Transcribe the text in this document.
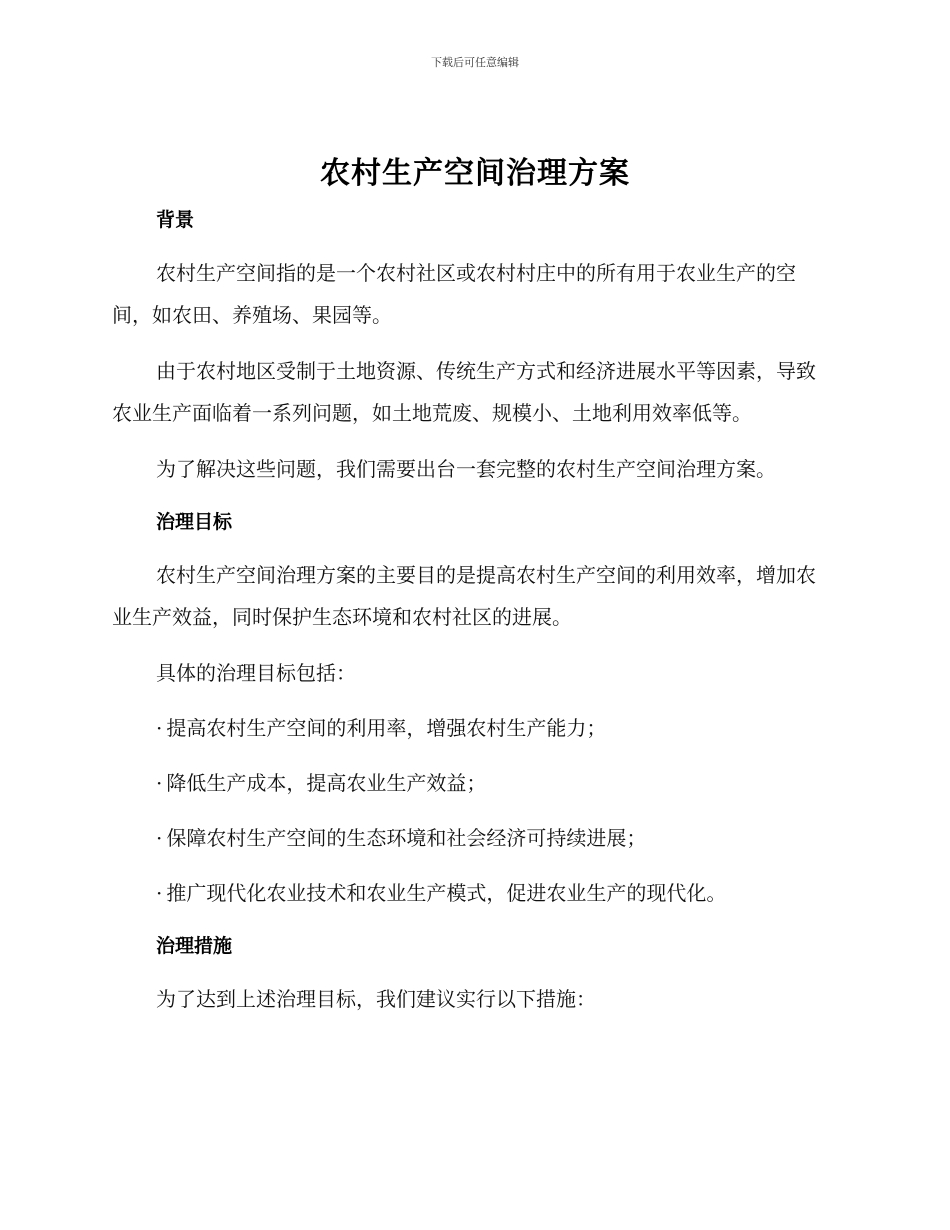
下载后可任意编辑
农村生产空间治理方案
背景

农村生产空间指的是一个农村社区或农村村庄中的所有用于农业生产的空间，如农田、养殖场、果园等。

由于农村地区受制于土地资源、传统生产方式和经济进展水平等因素，导致农业生产面临着一系列问题，如土地荒废、规模小、土地利用效率低等。

为了解决这些问题，我们需要出台一套完整的农村生产空间治理方案。

治理目标

农村生产空间治理方案的主要目的是提高农村生产空间的利用效率，增加农业生产效益，同时保护生态环境和农村社区的进展。

具体的治理目标包括：

· 提高农村生产空间的利用率，增强农村生产能力；

· 降低生产成本，提高农业生产效益；

· 保障农村生产空间的生态环境和社会经济可持续进展；

· 推广现代化农业技术和农业生产模式，促进农业生产的现代化。

治理措施

为了达到上述治理目标，我们建议实行以下措施：
